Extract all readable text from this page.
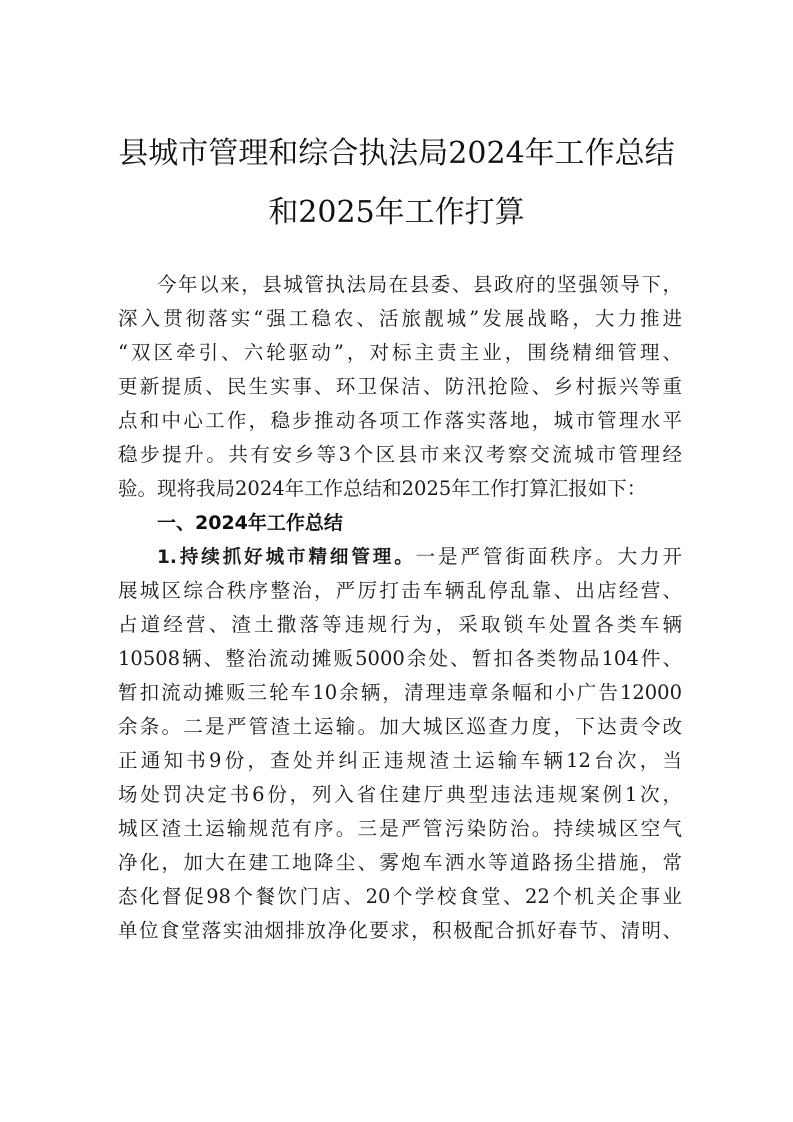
县城市管理和综合执法局2024年工作总结
和2025年工作打算
今年以来，县城管执法局在县委、县政府的坚强领导下，
深入贯彻落实“强工稳农、活旅靓城”发展战略，大力推进
“双区牵引、六轮驱动”，对标主责主业，围绕精细管理、
更新提质、民生实事、环卫保洁、防汛抢险、乡村振兴等重
点和中心工作，稳步推动各项工作落实落地，城市管理水平
稳步提升。共有安乡等3个区县市来汉考察交流城市管理经
验。现将我局2024年工作总结和2025年工作打算汇报如下：
一、2024年工作总结
1.持续抓好城市精细管理。一是严管街面秩序。大力开
展城区综合秩序整治，严厉打击车辆乱停乱靠、出店经营、
占道经营、渣土撒落等违规行为，采取锁车处置各类车辆
10508辆、整治流动摊贩5000余处、暂扣各类物品104件、
暂扣流动摊贩三轮车10余辆，清理违章条幅和小广告12000
余条。二是严管渣土运输。加大城区巡查力度，下达责令改
正通知书9份，查处并纠正违规渣土运输车辆12台次，当
场处罚决定书6份，列入省住建厅典型违法违规案例1次，
城区渣土运输规范有序。三是严管污染防治。持续城区空气
净化，加大在建工地降尘、雾炮车洒水等道路扬尘措施，常
态化督促98个餐饮门店、20个学校食堂、22个机关企事业
单位食堂落实油烟排放净化要求，积极配合抓好春节、清明、
